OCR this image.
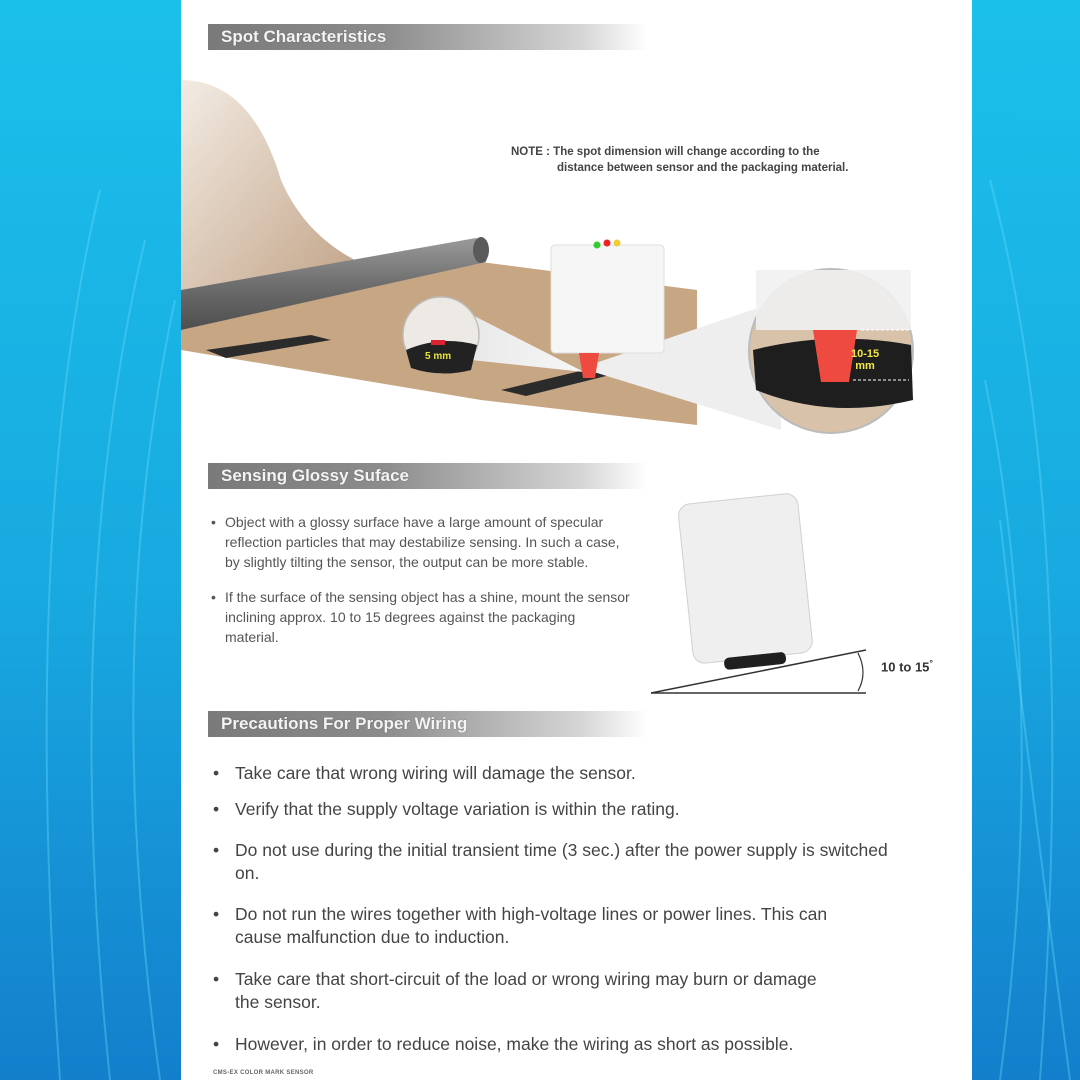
Spot Characteristics
NOTE : The spot dimension will change according to the
distance between sensor and the packaging material.
5 mm	10-15
mm
Sensing Glossy Suface
• Object with a glossy surface have a large amount of specular reflection particles that may destabilize sensing. In such a case, by slightly tilting the sensor, the output can be more stable.
• If the surface of the sensing object has a shine, mount the sensor inclining approx. 10 to 15 degrees against the packaging material.
10 to 15°
Precautions For Proper Wiring
• Take care that wrong wiring will damage the sensor.
• Verify that the supply voltage variation is within the rating.
• Do not use during the initial transient time (3 sec.) after the power supply is switched on.
• Do not run the wires together with high-voltage lines or power lines. This can cause malfunction due to induction.
• Take care that short-circuit of the load or wrong wiring may burn or damage the sensor.
• However, in order to reduce noise, make the wiring as short as possible.
CMS-EX COLOR MARK SENSOR
